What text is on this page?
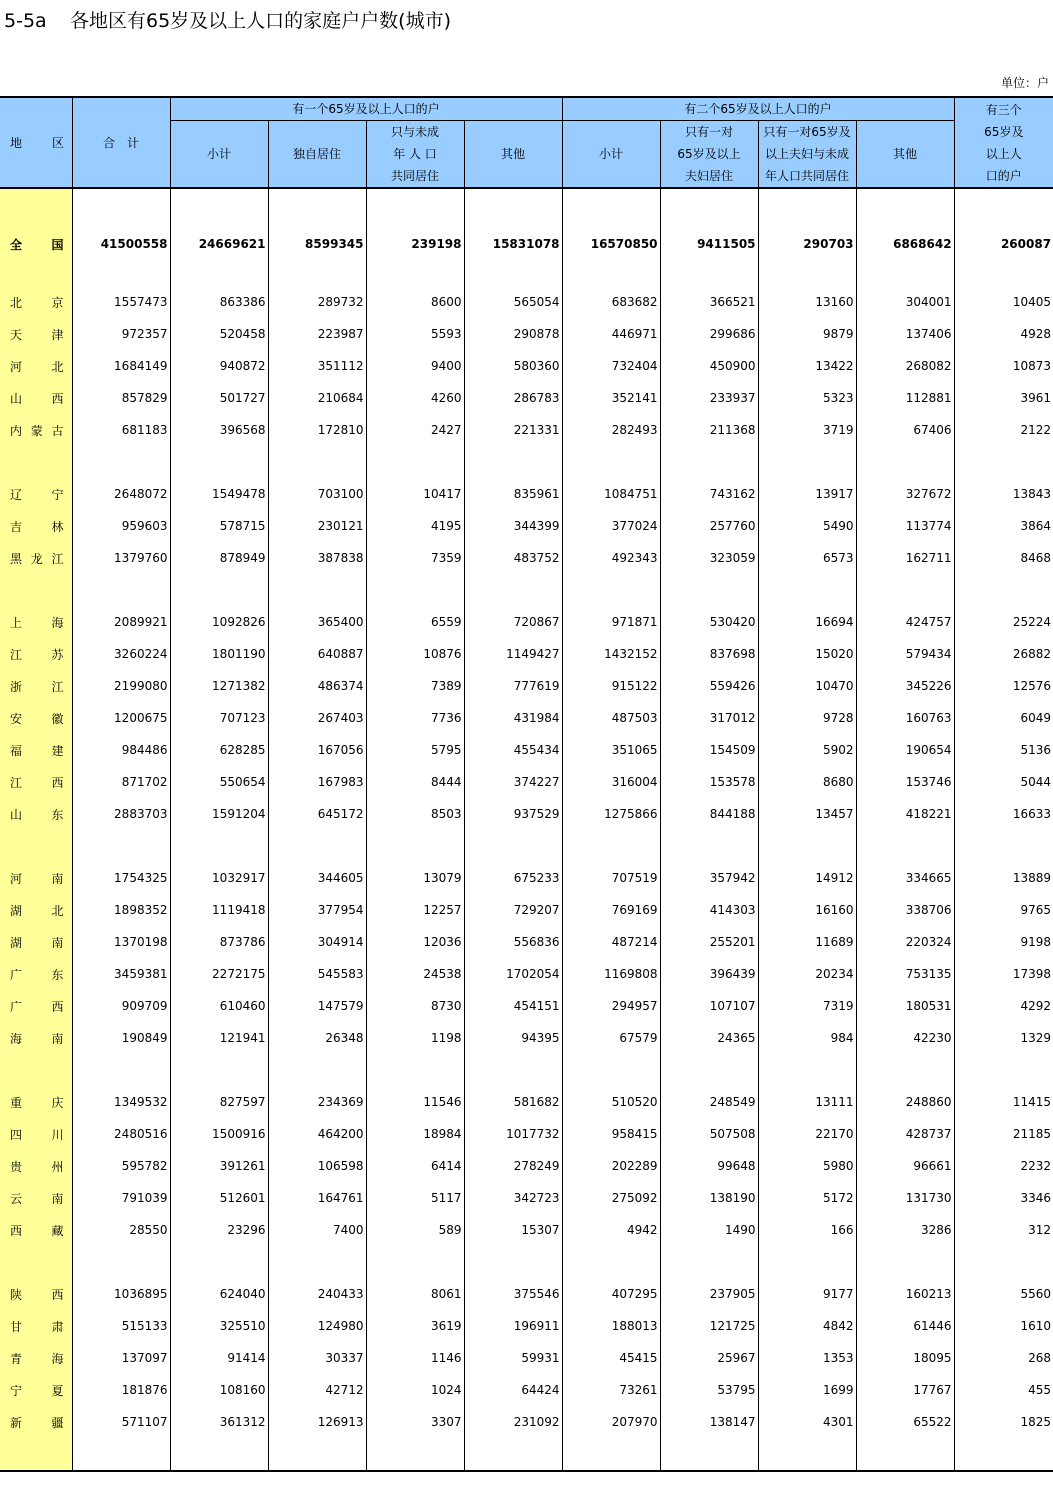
5-5a 各地区有65岁及以上人口的家庭户户数(城市)
单位：户
地　　区	合　计	有一个65岁及以上人口的户				有二个65岁及以上人口的户				有三个
65岁及
以上人
口的户

		小计	独自居住	只与未成
年 人 口
共同居住	其他	小计	只有一对
65岁及以上
夫妇居住	只有一对65岁及
以上夫妇与未成
年人口共同居住	其他	

全国	41500558	24669621	8599345	239198	15831078	16570850	9411505	290703	6868642	260087

北京	1557473	863386	289732	8600	565054	683682	366521	13160	304001	10405
天津	972357	520458	223987	5593	290878	446971	299686	9879	137406	4928
河北	1684149	940872	351112	9400	580360	732404	450900	13422	268082	10873
山西	857829	501727	210684	4260	286783	352141	233937	5323	112881	3961
内蒙古	681183	396568	172810	2427	221331	282493	211368	3719	67406	2122

辽宁	2648072	1549478	703100	10417	835961	1084751	743162	13917	327672	13843
吉林	959603	578715	230121	4195	344399	377024	257760	5490	113774	3864
黑龙江	1379760	878949	387838	7359	483752	492343	323059	6573	162711	8468

上海	2089921	1092826	365400	6559	720867	971871	530420	16694	424757	25224
江苏	3260224	1801190	640887	10876	1149427	1432152	837698	15020	579434	26882
浙江	2199080	1271382	486374	7389	777619	915122	559426	10470	345226	12576
安徽	1200675	707123	267403	7736	431984	487503	317012	9728	160763	6049
福建	984486	628285	167056	5795	455434	351065	154509	5902	190654	5136
江西	871702	550654	167983	8444	374227	316004	153578	8680	153746	5044
山东	2883703	1591204	645172	8503	937529	1275866	844188	13457	418221	16633

河南	1754325	1032917	344605	13079	675233	707519	357942	14912	334665	13889
湖北	1898352	1119418	377954	12257	729207	769169	414303	16160	338706	9765
湖南	1370198	873786	304914	12036	556836	487214	255201	11689	220324	9198
广东	3459381	2272175	545583	24538	1702054	1169808	396439	20234	753135	17398
广西	909709	610460	147579	8730	454151	294957	107107	7319	180531	4292
海南	190849	121941	26348	1198	94395	67579	24365	984	42230	1329

重庆	1349532	827597	234369	11546	581682	510520	248549	13111	248860	11415
四川	2480516	1500916	464200	18984	1017732	958415	507508	22170	428737	21185
贵州	595782	391261	106598	6414	278249	202289	99648	5980	96661	2232
云南	791039	512601	164761	5117	342723	275092	138190	5172	131730	3346
西藏	28550	23296	7400	589	15307	4942	1490	166	3286	312

陕西	1036895	624040	240433	8061	375546	407295	237905	9177	160213	5560
甘肃	515133	325510	124980	3619	196911	188013	121725	4842	61446	1610
青海	137097	91414	30337	1146	59931	45415	25967	1353	18095	268
宁夏	181876	108160	42712	1024	64424	73261	53795	1699	17767	455
新疆	571107	361312	126913	3307	231092	207970	138147	4301	65522	1825
